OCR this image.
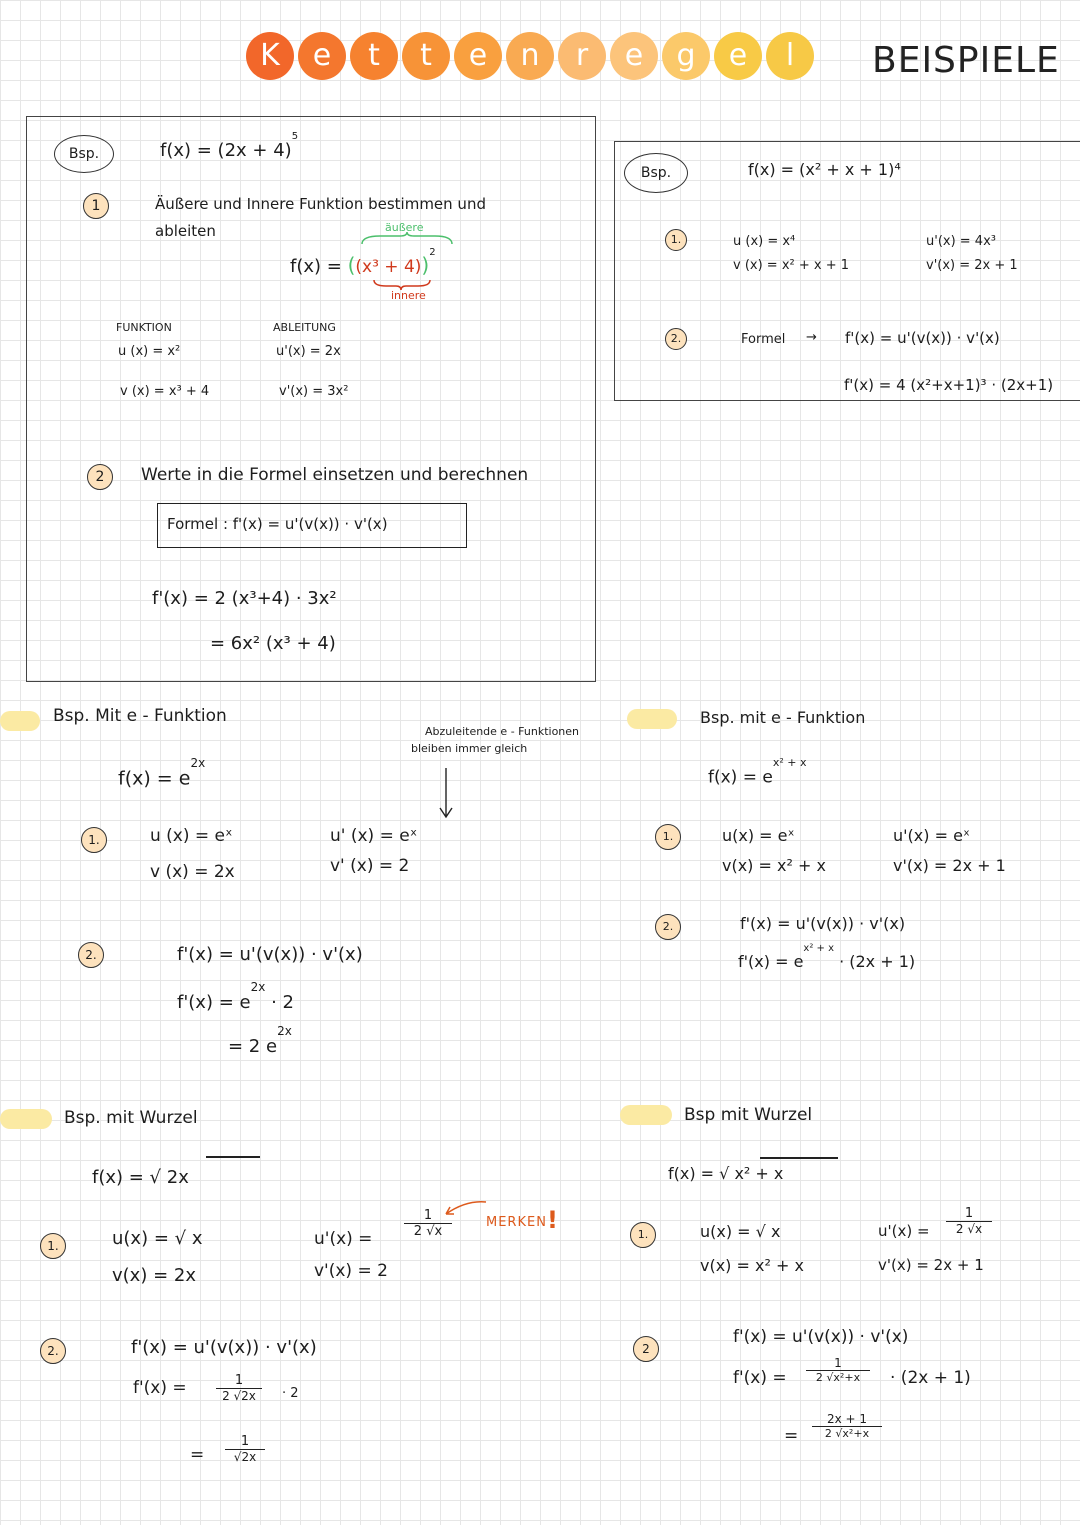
K	e	t	t	e	n	r	e	g	e	l	BEISPIELE
Bsp.	$f(x) = (2x + 4)^5$
1	Äußere und Innere Funktion bestimmen und
ableiten	äußere
$f(x) = ((x^3 + 4))^2$
innere
FUNKTION	ABLEITUNG
u (x) = x²
v (x) = x³ + 4
u'(x) = 2x
v'(x) = 3x²
2	Werte in die Formel einsetzen und berechnen
Formel : f'(x) = u'(v(x)) · v'(x)
f'(x) = 2 (x³+4) · 3x²
= 6x² (x³ + 4)
Bsp.	f(x) = (x² + x + 1)⁴
1.	u (x) = x⁴
v (x) = x² + x + 1
u'(x) = 4x³
v'(x) = 2x + 1
2.	Formel → f'(x) = u'(v(x)) · v'(x)
f'(x) = 4 (x²+x+1)³ · (2x+1)
Bsp. Mit e - Funktion
Abzuleitende e - Funktionen
bleiben immer gleich
$f(x) = e^{2x}$
1.	u (x) = eˣ
v (x) = 2x
u' (x) = eˣ
v' (x) = 2
2.	f'(x) = u'(v(x)) · v'(x)
$f'(x) = e^{2x} \cdot 2$
= 2 $e^{2x}$
Bsp. mit e - Funktion
$f(x) = e^{x^2 + x}$
1.	u(x) = eˣ
v(x) = x² + x
u'(x) = eˣ
v'(x) = 2x + 1
2.	f'(x) = u'(v(x)) · v'(x)
$f'(x) = e^{x^2 + x} \cdot (2x + 1)$
Bsp. mit Wurzel
f(x) = √ 2x
1.	u(x) = √ x
v(x) = 2x
u'(x) =
1
2 √x
v'(x) = 2
MERKEN!
2.	f'(x) = u'(v(x)) · v'(x)
f'(x) =	1
2 √2x	· 2
=
1
√2x
Bsp mit Wurzel
f(x) = √ x² + x
1.	u(x) = √ x
v(x) = x² + x
u'(x) =
1
2 √x
v'(x) = 2x + 1
2
f'(x) = u'(v(x)) · v'(x)
f'(x) =
1
2 √x²+x	· (2x + 1)
=
2x + 1
2 √x²+x
